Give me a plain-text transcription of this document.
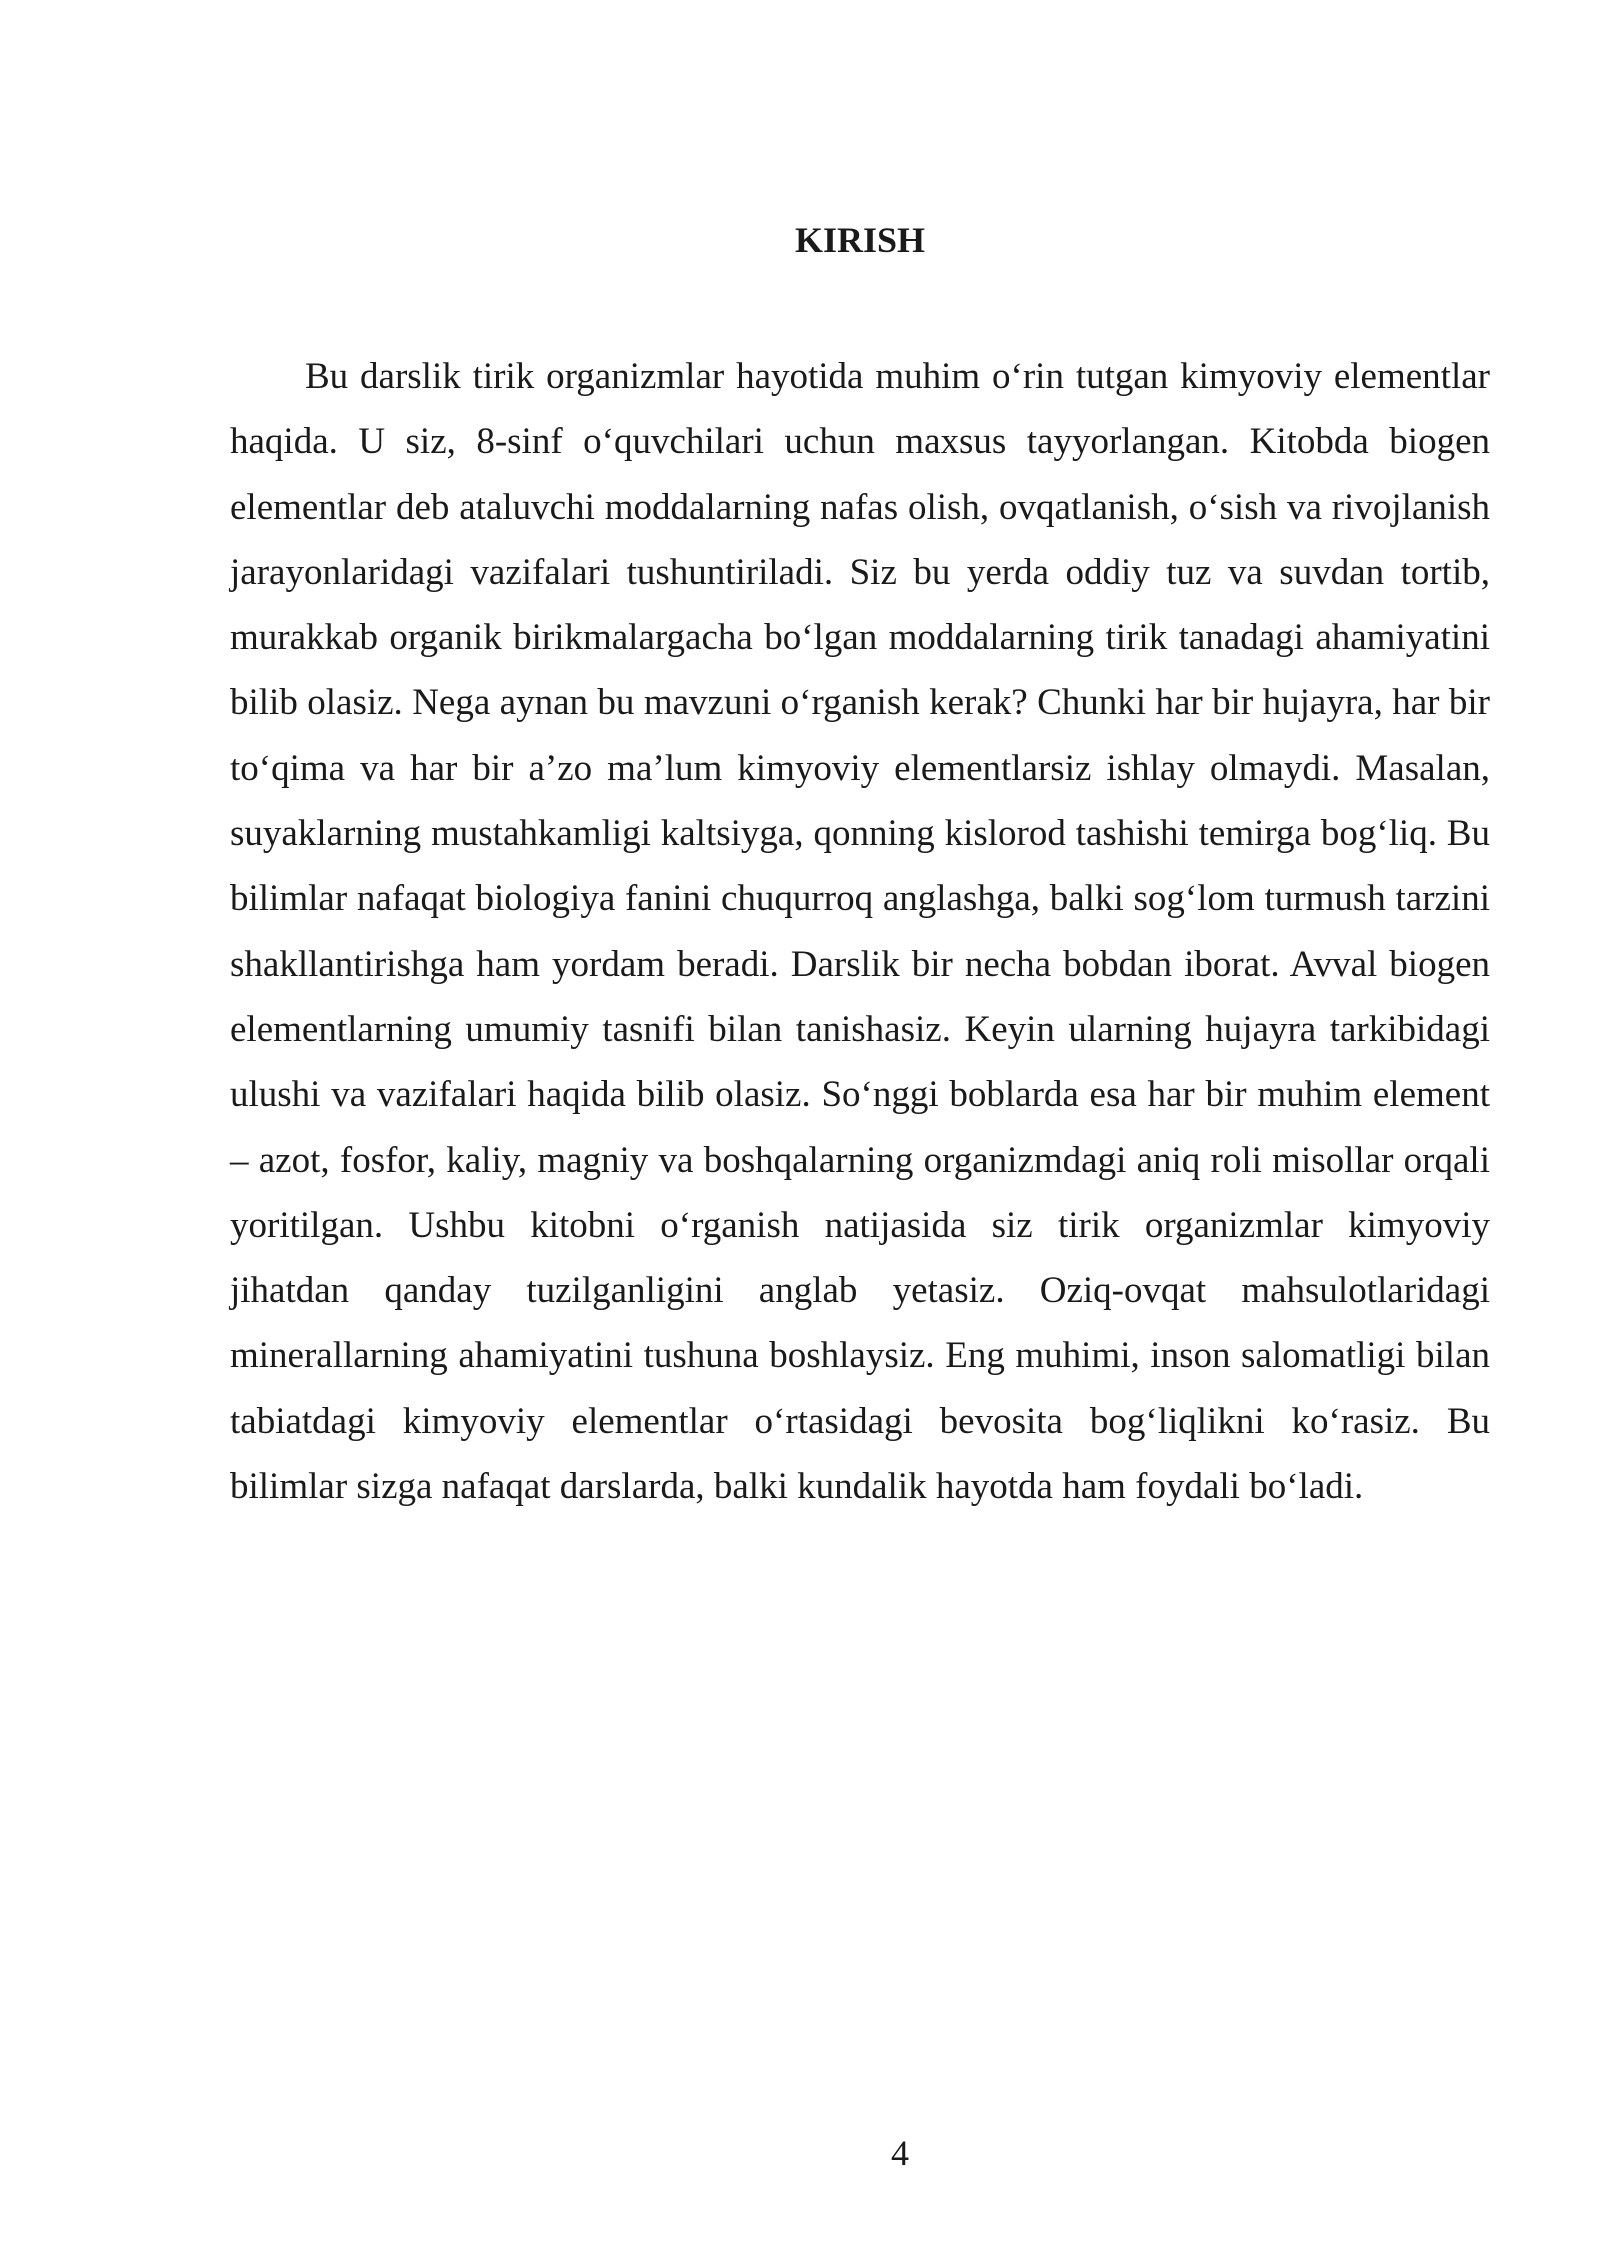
KIRISH

Bu darslik tirik organizmlar hayotida muhim o‘rin tutgan kimyoviy elementlar haqida. U siz, 8-sinf o‘quvchilari uchun maxsus tayyorlangan. Kitobda biogen elementlar deb ataluvchi moddalarning nafas olish, ovqatlanish, o‘sish va rivojlanish jarayonlaridagi vazifalari tushuntiriladi. Siz bu yerda oddiy tuz va suvdan tortib, murakkab organik birikmalargacha bo‘lgan moddalarning tirik tanadagi ahamiyatini bilib olasiz. Nega aynan bu mavzuni o‘rganish kerak? Chunki har bir hujayra, har bir to‘qima va har bir a’zo ma’lum kimyoviy elementlarsiz ishlay olmaydi. Masalan, suyaklarning mustahkamligi kaltsiyga, qonning kislorod tashishi temirga bog‘liq. Bu bilimlar nafaqat biologiya fanini chuqurroq anglashga, balki sog‘lom turmush tarzini shakllantirishga ham yordam beradi. Darslik bir necha bobdan iborat. Avval biogen elementlarning umumiy tasnifi bilan tanishasiz. Keyin ularning hujayra tarkibidagi ulushi va vazifalari haqida bilib olasiz. So‘nggi boblarda esa har bir muhim element – azot, fosfor, kaliy, magniy va boshqalarning organizmdagi aniq roli misollar orqali yoritilgan. Ushbu kitobni o‘rganish natijasida siz tirik organizmlar kimyoviy jihatdan qanday tuzilganligini anglab yetasiz. Oziq-ovqat mahsulotlaridagi minerallarning ahamiyatini tushuna boshlaysiz. Eng muhimi, inson salomatligi bilan tabiatdagi kimyoviy elementlar o‘rtasidagi bevosita bog‘liqlikni ko‘rasiz. Bu bilimlar sizga nafaqat darslarda, balki kundalik hayotda ham foydali bo‘ladi.

4
